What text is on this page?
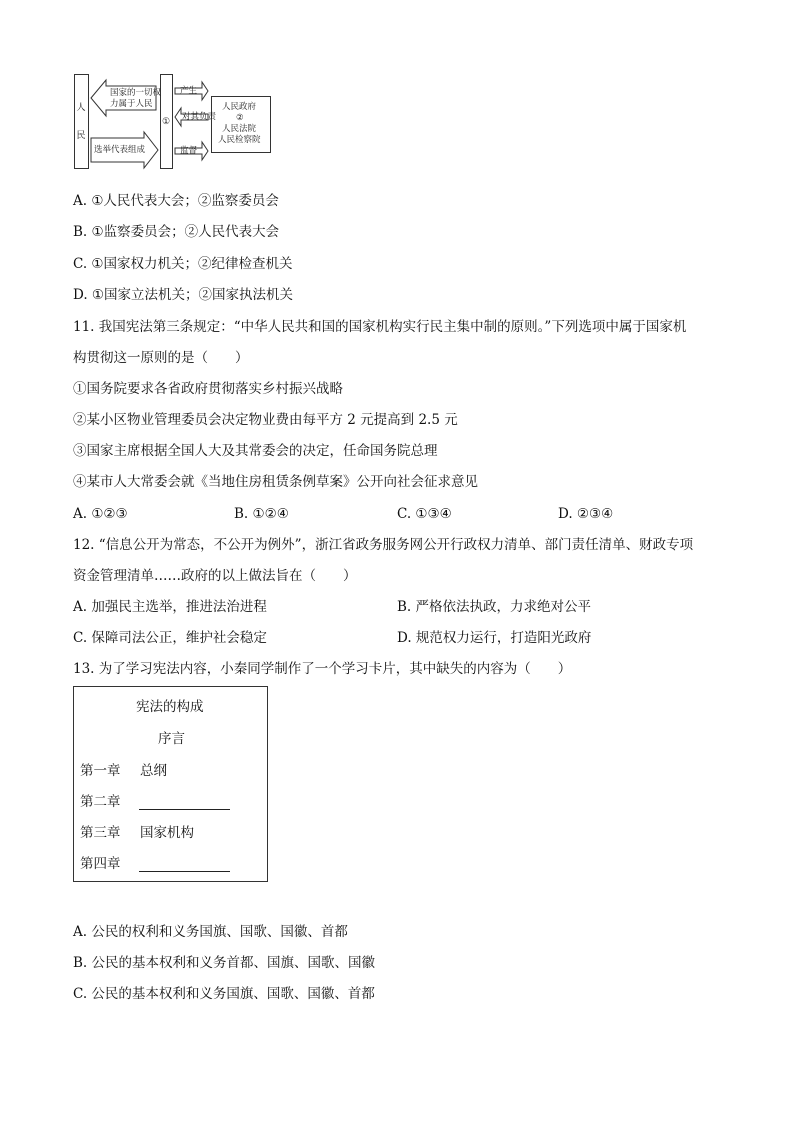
人
民
国家的一切权
力属于人民
选举代表组成
①
产生
对其负责
监督
人民政府
②
人民法院
人民检察院
A. ①人民代表大会；②监察委员会
B. ①监察委员会；②人民代表大会
C. ①国家权力机关；②纪律检查机关
D. ①国家立法机关；②国家执法机关
11. 我国宪法第三条规定：“中华人民共和国的国家机构实行民主集中制的原则。”下列选项中属于国家机
构贯彻这一原则的是（　　）
①国务院要求各省政府贯彻落实乡村振兴战略
②某小区物业管理委员会决定物业费由每平方 2 元提高到 2.5 元
③国家主席根据全国人大及其常委会的决定，任命国务院总理
④某市人大常委会就《当地住房租赁条例草案》公开向社会征求意见
A. ①②③	B. ①②④	C. ①③④	D. ②③④
12. “信息公开为常态，不公开为例外”，浙江省政务服务网公开行政权力清单、部门责任清单、财政专项
资金管理清单……政府的以上做法旨在（　　）
A. 加强民主选举，推进法治进程	B. 严格依法执政，力求绝对公平
C. 保障司法公正，维护社会稳定	D. 规范权力运行，打造阳光政府
13. 为了学习宪法内容，小秦同学制作了一个学习卡片，其中缺失的内容为（　　）
宪法的构成
序言
第一章 总纲
第二章
第三章 国家机构
第四章
A. 公民的权利和义务国旗、国歌、国徽、首都
B. 公民的基本权利和义务首都、国旗、国歌、国徽
C. 公民的基本权利和义务国旗、国歌、国徽、首都
